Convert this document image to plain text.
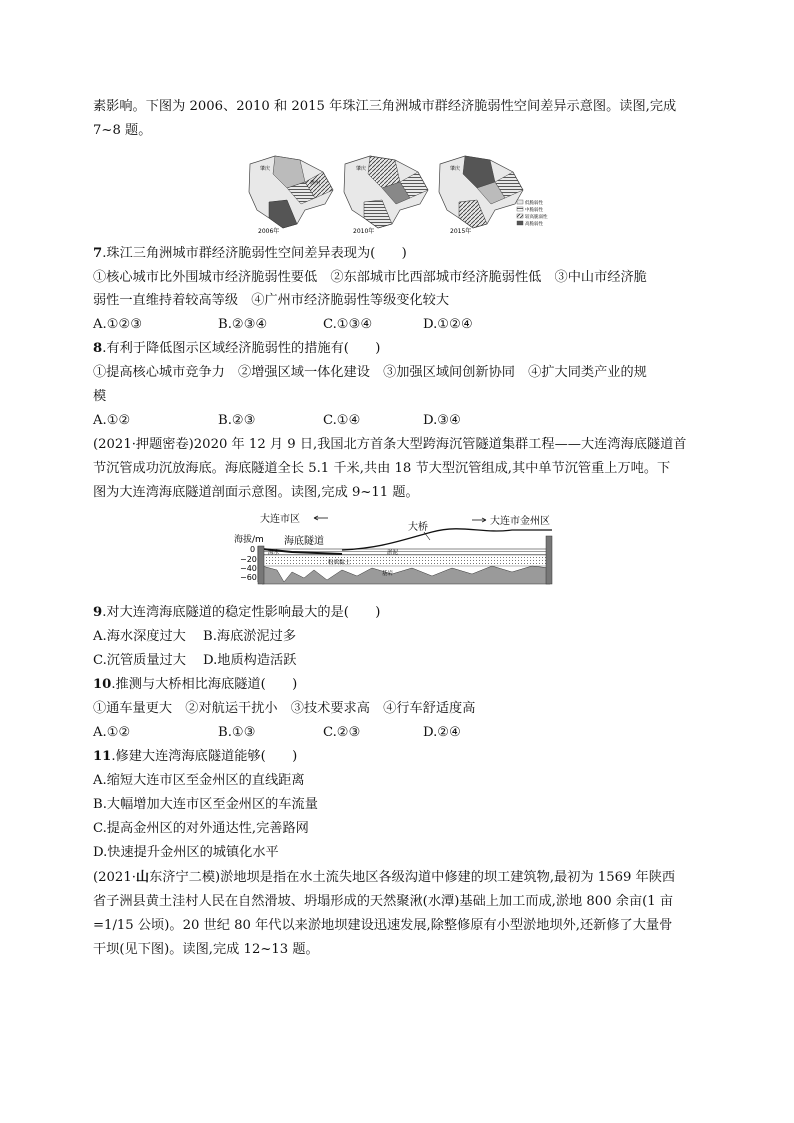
素影响。下图为 2006、2010 和 2015 年珠江三角洲城市群经济脆弱性空间差异示意图。读图,完成
7~8 题。
肇庆
惠州
2006年
肇庆
2010年
肇庆
2015年
低脆弱性
中脆弱性
较高脆弱性
高脆弱性
7.珠江三角洲城市群经济脆弱性空间差异表现为(　　)
①核心城市比外围城市经济脆弱性要低　②东部城市比西部城市经济脆弱性低　③中山市经济脆
弱性一直维持着较高等级　④广州市经济脆弱性等级变化较大
A.①②③	B.②③④	C.①③④	D.①②④
8.有利于降低图示区域经济脆弱性的措施有(　　)
①提高核心城市竞争力　②增强区域一体化建设　③加强区域间创新协同　④扩大同类产业的规
模
A.①②	B.②③	C.①④	D.③④
(2021·押题密卷)2020 年 12 月 9 日,我国北方首条大型跨海沉管隧道集群工程——大连湾海底隧道首
节沉管成功沉放海底。海底隧道全长 5.1 千米,共由 18 节大型沉管组成,其中单节沉管重上万吨。下
图为大连湾海底隧道剖面示意图。读图,完成 9~11 题。
大连市区	大连市金州区
大桥
海底隧道
海拔/m
0
−20
−40
−60
海水	淤泥
粉质黏土
基岩
9.对大连湾海底隧道的稳定性影响最大的是(　　)
A.海水深度过大 B.海底淤泥过多
C.沉管质量过大 D.地质构造活跃
10.推测与大桥相比海底隧道(　　)
①通车量更大　②对航运干扰小　③技术要求高　④行车舒适度高
A.①②	B.①③	C.②③	D.②④
11.修建大连湾海底隧道能够(　　)
A.缩短大连市区至金州区的直线距离
B.大幅增加大连市区至金州区的车流量
C.提高金州区的对外通达性,完善路网
D.快速提升金州区的城镇化水平
(2021·山东济宁二模)淤地坝是指在水土流失地区各级沟道中修建的坝工建筑物,最初为 1569 年陕西
省子洲县黄土洼村人民在自然滑坡、坍塌形成的天然聚湫(水潭)基础上加工而成,淤地 800 余亩(1 亩
=1/15 公顷)。20 世纪 80 年代以来淤地坝建设迅速发展,除整修原有小型淤地坝外,还新修了大量骨
干坝(见下图)。读图,完成 12~13 题。
